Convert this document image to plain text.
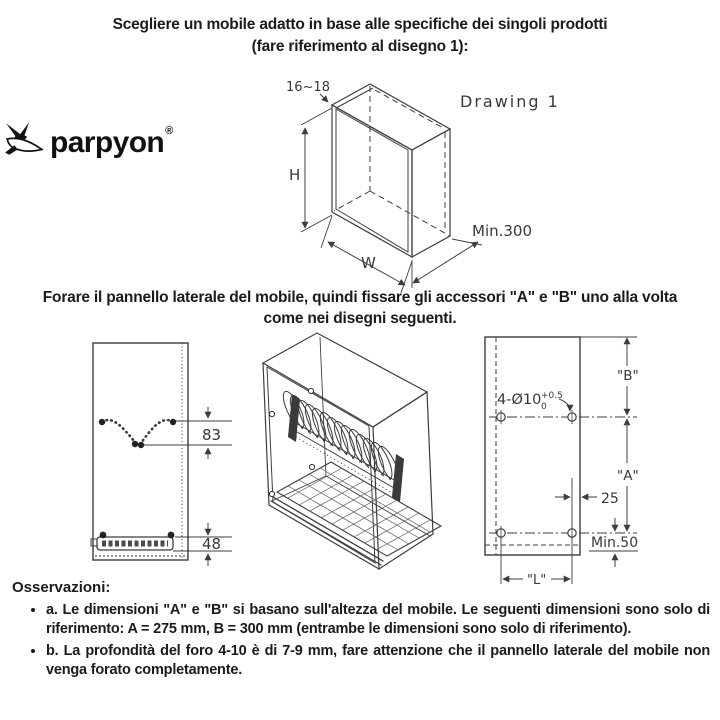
Scegliere un mobile adatto in base alle specifiche dei singoli prodotti
(fare riferimento al disegno 1):
parpyon®
H
16~18
W
Min.300
Drawing 1
Forare il pannello laterale del mobile, quindi fissare gli accessori "A" e "B" uno alla volta
come nei disegni seguenti.
83
48
4-Ø10 +0.5
0
"B"
"A"
25
Min.50
"L"
Osservazioni:
• a. Le dimensioni "A" e "B" si basano sull'altezza del mobile. Le seguenti dimensioni sono solo di riferimento: A = 275 mm, B = 300 mm (entrambe le dimensioni sono solo di riferimento).
• b. La profondità del foro 4-10 è di 7-9 mm, fare attenzione che il pannello laterale del mobile non venga forato completamente.
